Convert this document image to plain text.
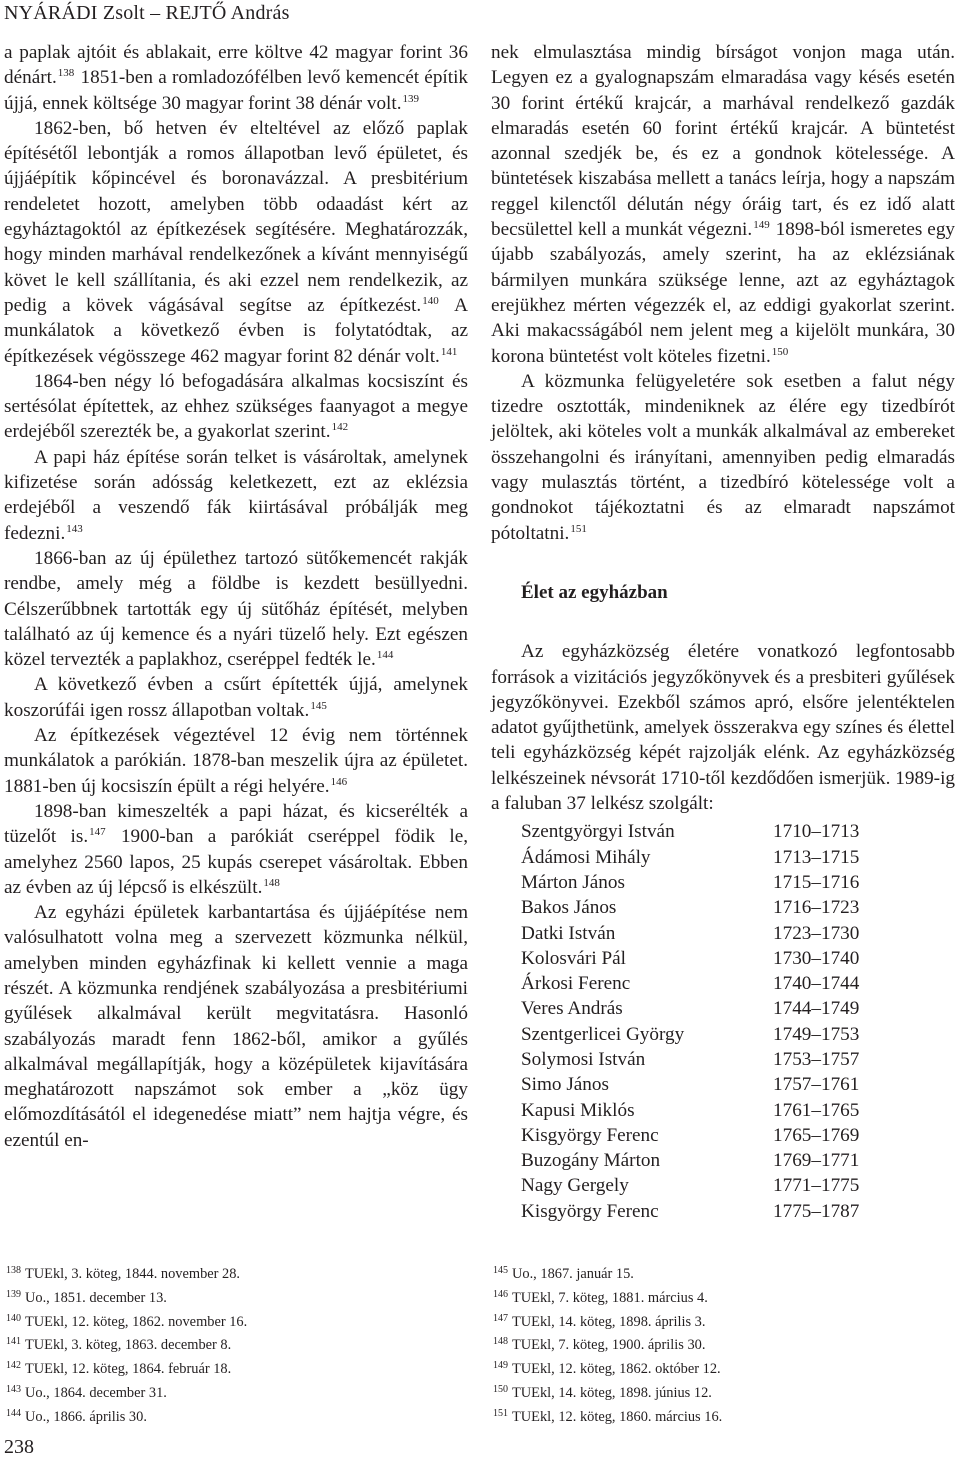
NYÁRÁDI Zsolt – REJTŐ András

a paplak ajtóit és ablakait, erre költve 42 magyar forint 36 dénárt.$^{138}$ 1851-ben a romladozófélben levő kemencét építik újjá, ennek költsége 30 magyar forint 38 dénár volt.$^{139}$

1862-ben, bő hetven év elteltével az előző paplak építésétől lebontják a romos állapotban levő épületet, és újjáépítik kőpincével és boronavázzal. A presbitérium rendeletet hozott, amelyben több odaadást kért az egyháztagoktól az építkezések segítésére. Meghatározzák, hogy minden marhával rendelkezőnek a kívánt mennyiségű követ le kell szállítania, és aki ezzel nem rendelkezik, az pedig a kövek vágásával segítse az építkezést.$^{140}$ A munkálatok a következő évben is folytatódtak, az építkezések végösszege 462 magyar forint 82 dénár volt.$^{141}$

1864-ben négy ló befogadására alkalmas kocsiszínt és sertésólat építettek, az ehhez szükséges faanyagot a megye erdejéből szerezték be, a gyakorlat szerint.$^{142}$

A papi ház építése során telket is vásároltak, amelynek kifizetése során adósság keletkezett, ezt az eklézsia erdejéből a veszendő fák kiirtásával próbálják meg fedezni.$^{143}$

1866-ban az új épülethez tartozó sütőkemencét rakják rendbe, amely még a földbe is kezdett besüllyedni. Célszerűbbnek tartották egy új sütőház építését, melyben található az új kemence és a nyári tüzelő hely. Ezt egészen közel tervezték a paplakhoz, cseréppel fedték le.$^{144}$

A következő évben a csűrt építették újjá, amelynek koszorúfái igen rossz állapotban voltak.$^{145}$

Az építkezések végeztével 12 évig nem történnek munkálatok a parókián. 1878-ban meszelik újra az épületet. 1881-ben új kocsiszín épült a régi helyére.$^{146}$

1898-ban kimeszelték a papi házat, és kicserélték a tüzelőt is.$^{147}$ 1900-ban a parókiát cseréppel födik le, amelyhez 2560 lapos, 25 kupás cserepet vásároltak. Ebben az évben az új lépcső is elkészült.$^{148}$

Az egyházi épületek karbantartása és újjáépítése nem valósulhatott volna meg a szervezett közmunka nélkül, amelyben minden egyházfinak ki kellett vennie a maga részét. A közmunka rendjének szabályozása a presbitériumi gyűlések alkalmával került megvitatásra. Hasonló szabályozás maradt fenn 1862-ből, amikor a gyűlés alkalmával megállapítják, hogy a középületek kijavítására meghatározott napszámot sok ember a „köz ügy előmozdításától el idegenedése miatt” nem hajtja végre, és ezentúl en-

nek elmulasztása mindig bírságot vonjon maga után. Legyen ez a gyalognapszám elmaradása vagy késés esetén 30 forint értékű krajcár, a marhával rendelkező gazdák elmaradás esetén 60 forint értékű krajcár. A büntetést azonnal szedjék be, és ez a gondnok kötelessége. A büntetések kiszabása mellett a tanács leírja, hogy a napszám reggel kilenctől délután négy óráig tart, és ez idő alatt becsülettel kell a munkát végezni.$^{149}$ 1898-ból ismeretes egy újabb szabályozás, amely szerint, ha az eklézsiának bármilyen munkára szüksége lenne, azt az egyháztagok erejükhez mérten végezzék el, az eddigi gyakorlat szerint. Aki makacsságából nem jelent meg a kijelölt munkára, 30 korona büntetést volt köteles fizetni.$^{150}$

A közmunka felügyeletére sok esetben a falut négy tizedre osztották, mindeniknek az élére egy tizedbírót jelöltek, aki köteles volt a munkák alkalmával az embereket összehangolni és irányítani, amennyiben pedig elmaradás vagy mulasztás történt, a tizedbíró kötelessége volt a gondnokot tájékoztatni és az elmaradt napszámot pótoltatni.$^{151}$

Élet az egyházban

Az egyházközség életére vonatkozó legfontosabb források a vizitációs jegyzőkönyvek és a presbiteri gyűlések jegyzőkönyvei. Ezekből számos apró, elsőre jelentéktelen adatot gyűjthetünk, amelyek összerakva egy színes és élettel teli egyházközség képét rajzolják elénk. Az egyházközség lelkészeinek névsorát 1710-től kezdődően ismerjük. 1989-ig a faluban 37 lelkész szolgált:

Szentgyörgyi István	1710–1713
Ádámosi Mihály	1713–1715
Márton János	1715–1716
Bakos János	1716–1723
Datki István	1723–1730
Kolosvári Pál	1730–1740
Árkosi Ferenc	1740–1744
Veres András	1744–1749
Szentgerlicei György	1749–1753
Solymosi István	1753–1757
Simo János	1757–1761
Kapusi Miklós	1761–1765
Kisgyörgy Ferenc	1765–1769
Buzogány Márton	1769–1771
Nagy Gergely	1771–1775
Kisgyörgy Ferenc	1775–1787
$^{138}$ TUEkl, 3. köteg, 1844. november 28.
$^{139}$ Uo., 1851. december 13.
$^{140}$ TUEkl, 12. köteg, 1862. november 16.
$^{141}$ TUEkl, 3. köteg, 1863. december 8.
$^{142}$ TUEkl, 12. köteg, 1864. február 18.
$^{143}$ Uo., 1864. december 31.
$^{144}$ Uo., 1866. április 30.
$^{145}$ Uo., 1867. január 15.
$^{146}$ TUEkl, 7. köteg, 1881. március 4.
$^{147}$ TUEkl, 14. köteg, 1898. április 3.
$^{148}$ TUEkl, 7. köteg, 1900. április 30.
$^{149}$ TUEkl, 12. köteg, 1862. október 12.
$^{150}$ TUEkl, 14. köteg, 1898. június 12.
$^{151}$ TUEkl, 12. köteg, 1860. március 16.
238
